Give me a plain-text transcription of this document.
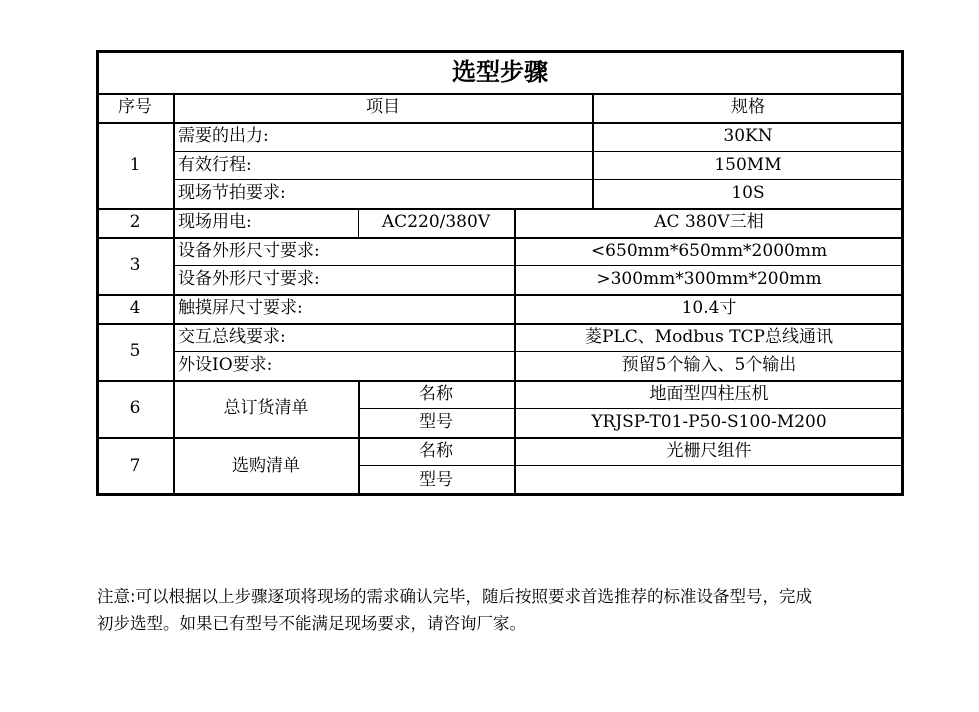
选型步骤
序号	项目	规格
1
需要的出力:	30KN
有效行程:	150MM
现场节拍要求:	10S
2	现场用电:	AC220/380V	AC 380V三相
3
设备外形尺寸要求:	<650mm*650mm*2000mm
设备外形尺寸要求:	>300mm*300mm*200mm
4	触摸屏尺寸要求:	10.4寸
5
交互总线要求:	菱PLC、Modbus TCP总线通讯
外设IO要求:	预留5个输入、5个输出
6	总订货清单
名称	地面型四柱压机
型号	YRJSP-T01-P50-S100-M200
7	选购清单
名称	光栅尺组件
型号
注意:可以根据以上步骤逐项将现场的需求确认完毕，随后按照要求首选推荐的标准设备型号，完成
初步选型。如果已有型号不能满足现场要求，请咨询厂家。
